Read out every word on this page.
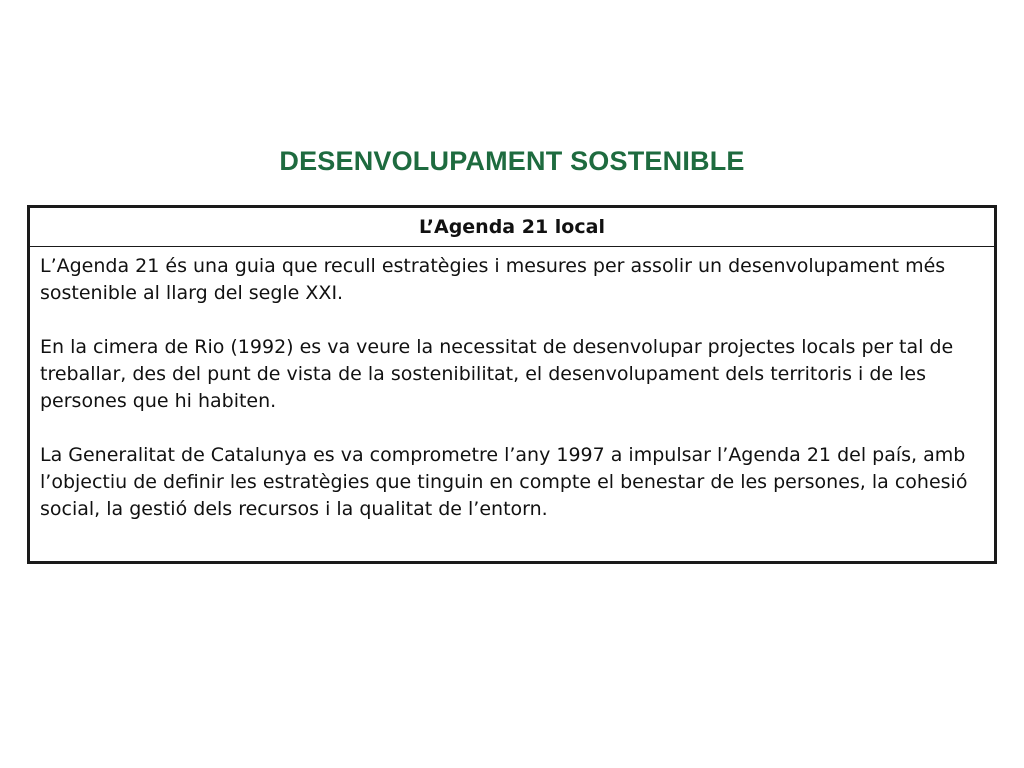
DESENVOLUPAMENT SOSTENIBLE
L’Agenda 21 local

L’Agenda 21 és una guia que recull estratègies i mesures per assolir un desenvolupament més sostenible al llarg del segle XXI.

En la cimera de Rio (1992) es va veure la necessitat de desenvolupar projectes locals per tal de treballar, des del punt de vista de la sostenibilitat, el desenvolupament dels territoris i de les persones que hi habiten.

La Generalitat de Catalunya es va comprometre l’any 1997 a impulsar l’Agenda 21 del país, amb l’objectiu de definir les estratègies que tinguin en compte el benestar de les persones, la cohesió social, la gestió dels recursos i la qualitat de l’entorn.
